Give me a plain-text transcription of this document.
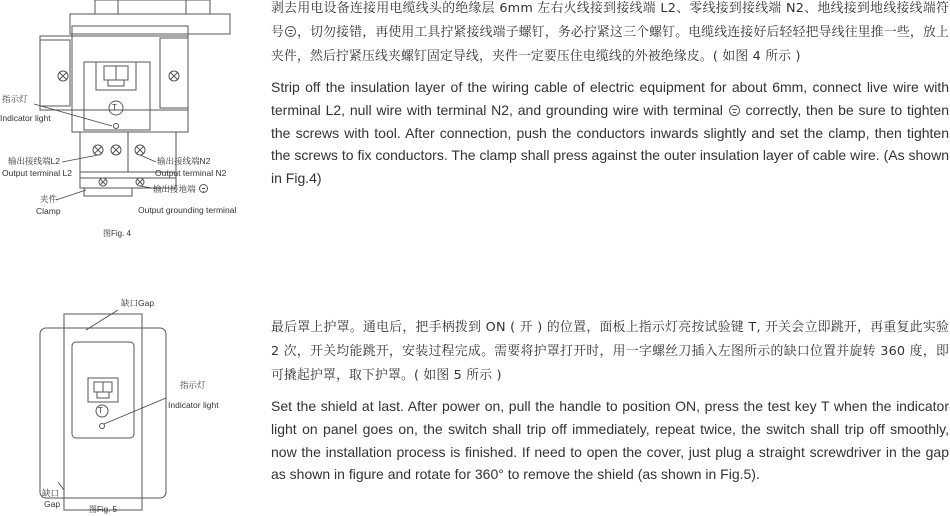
T
指示灯
Indicator light
输出接线端L2
Output terminal L2
输出接线端N2
Output terminal N2
夹件
Clamp
输出接地端
Output grounding terminal
图Fig. 4
T
缺口Gap
指示灯
Indicator light
缺口
Gap
图Fig. 5

剥去用电设备连接用电缆线头的绝缘层 6mm 左右火线接到接线端 L2、零线接到接线端 N2、地线接到地线接线端符号 ，切勿接错，再使用工具拧紧接线端子螺钉，务必拧紧这三个螺钉。电缆线连接好后轻轻把导线往里推一些，放上夹件，然后拧紧压线夹螺钉固定导线，夹件一定要压住电缆线的外被绝缘皮。( 如图 4 所示 )

Strip off the insulation layer of the wiring cable of electric equipment for about 6mm, connect live wire with terminal L2, null wire with terminal N2, and grounding wire with terminal correctly, then be sure to tighten the screws with tool. After connection, push the conductors inwards slightly and set the clamp, then tighten the screws to fix conductors. The clamp shall press against the outer insulation layer of cable wire. (As shown in Fig.4)

最后罩上护罩。通电后，把手柄拨到 ON ( 开 ) 的位置，面板上指示灯亮按试验键 T, 开关会立即跳开，再重复此实验 2 次，开关均能跳开，安装过程完成。需要将护罩打开时，用一字螺丝刀插入左图所示的缺口位置并旋转 360 度，即可撬起护罩，取下护罩。( 如图 5 所示 )

Set the shield at last. After power on, pull the handle to position ON, press the test key T when the indicator light on panel goes on, the switch shall trip off immediately, repeat twice, the switch shall trip off smoothly, now the installation process is finished. If need to open the cover, just plug a straight screwdriver in the gap as shown in figure and rotate for 360° to remove the shield (as shown in Fig.5).
